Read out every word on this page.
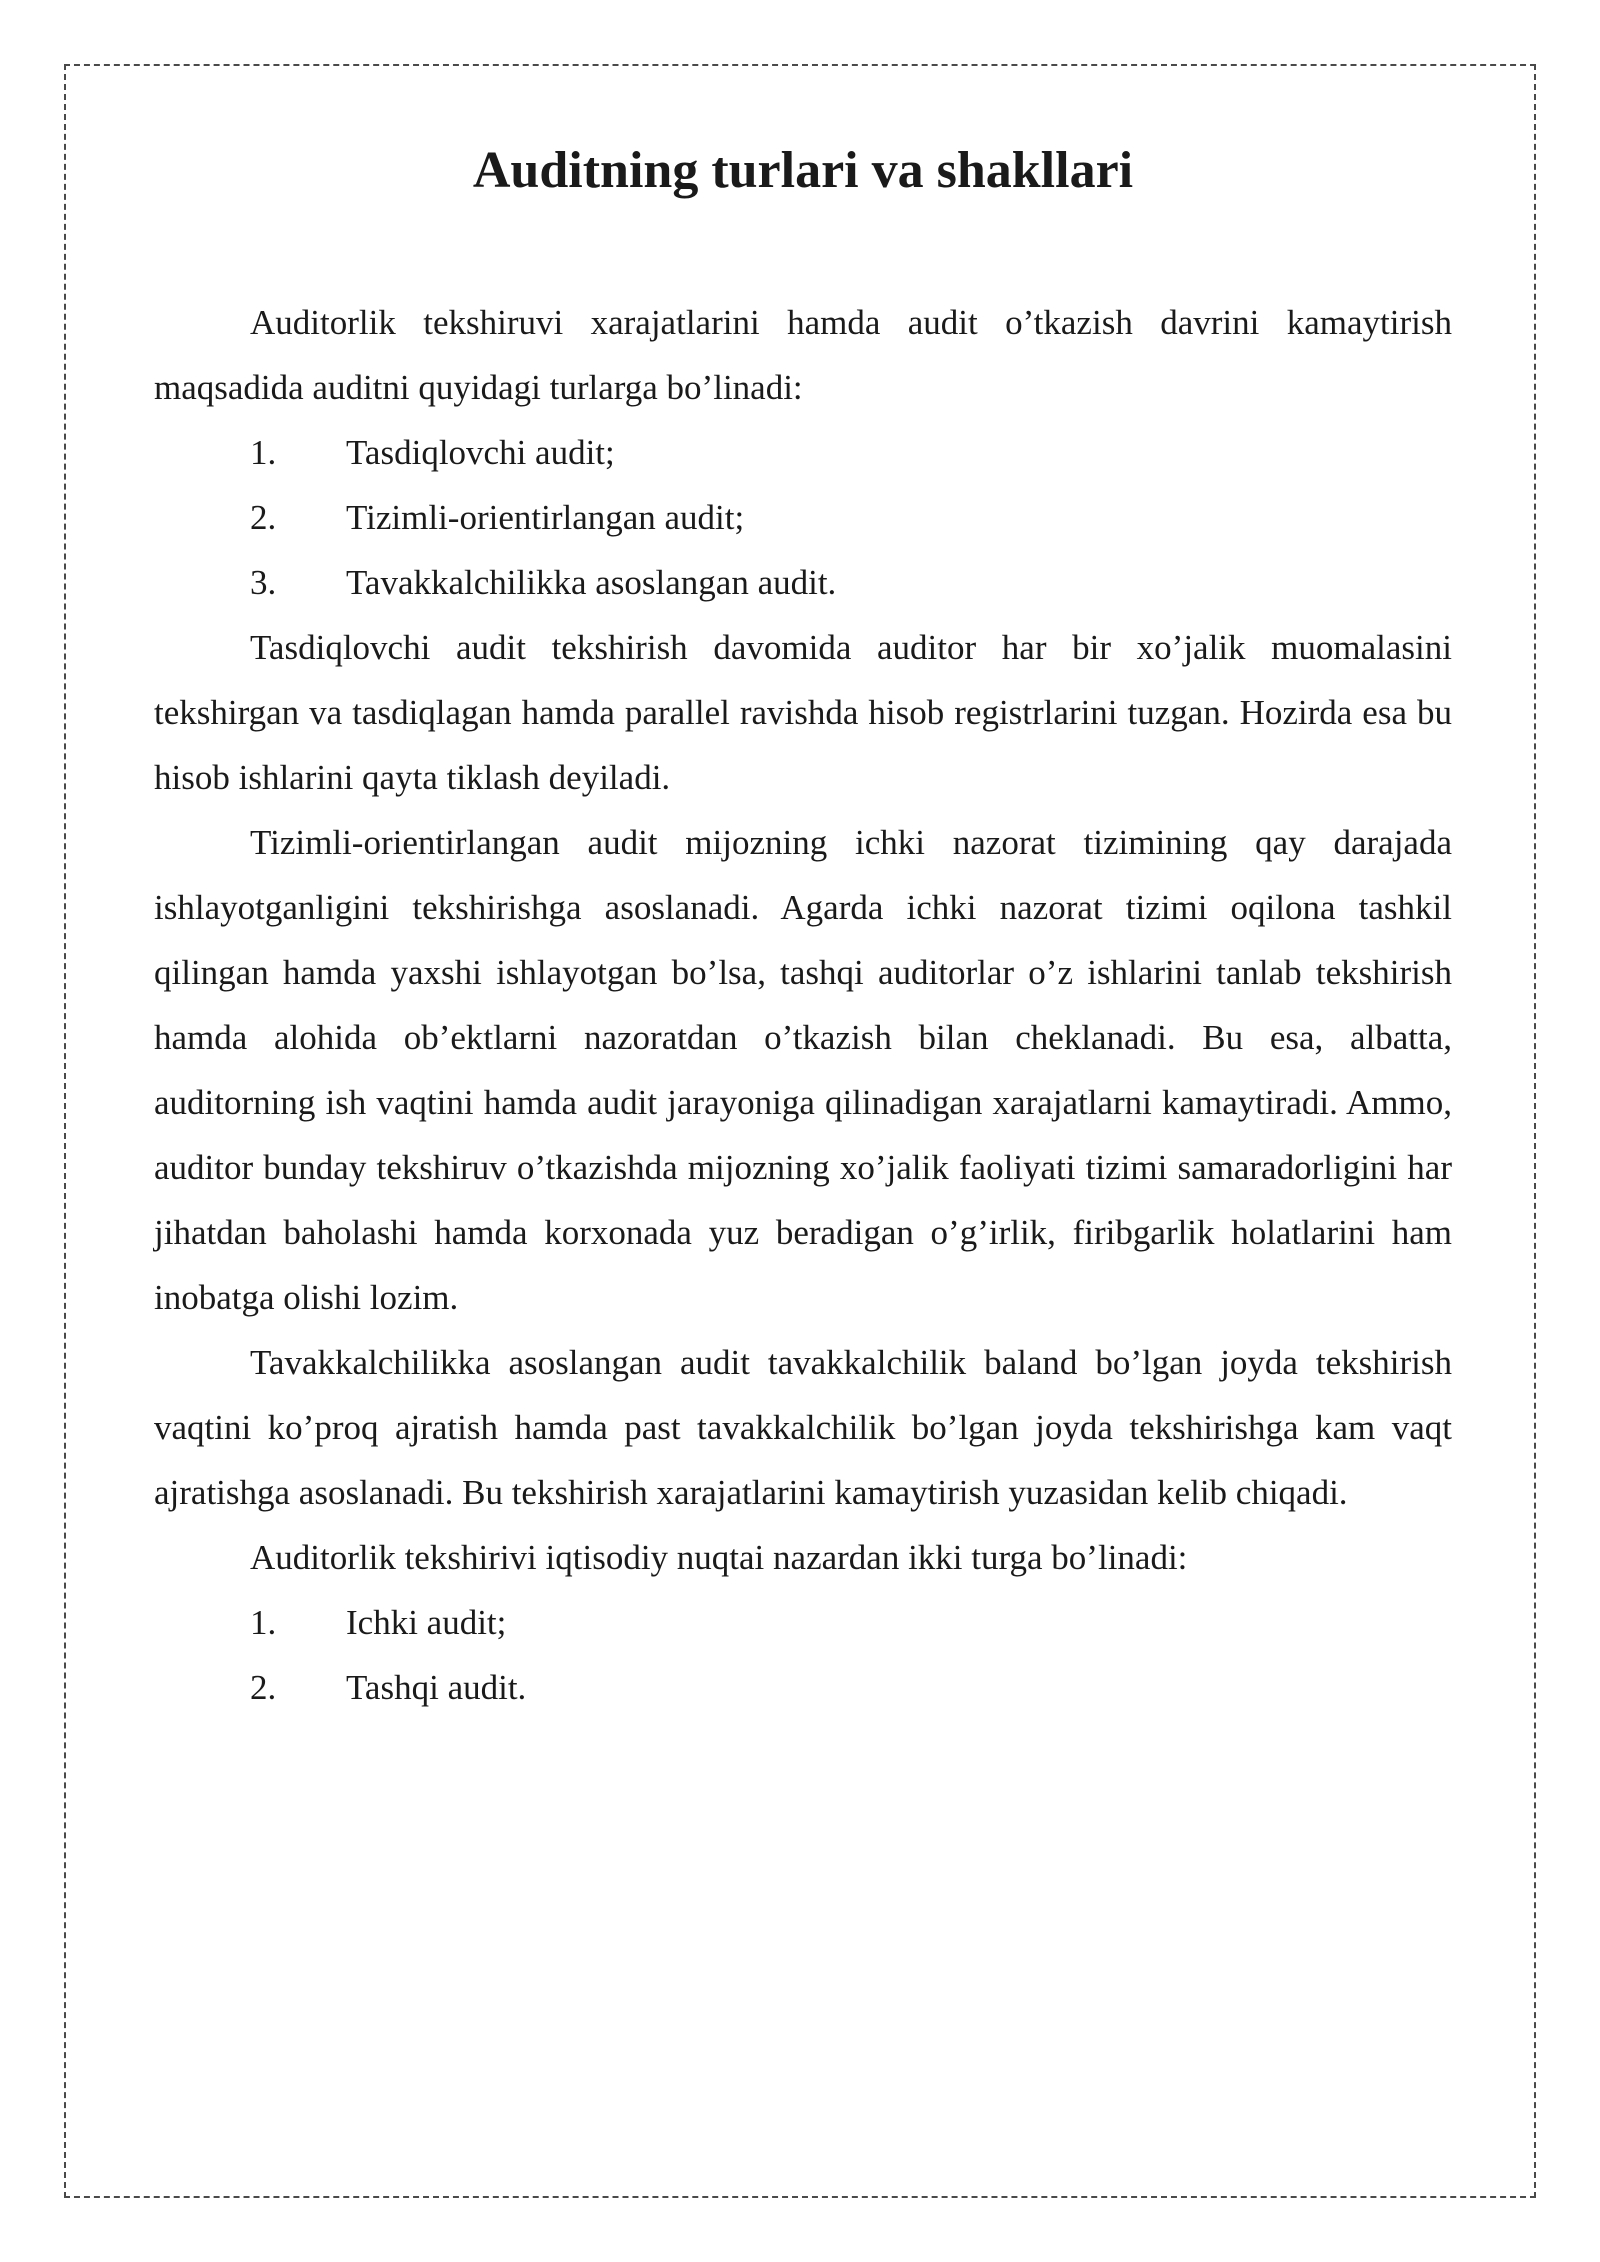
Auditning turlari va shakllari

Auditorlik tekshiruvi xarajatlarini hamda audit o’tkazish davrini kamaytirish maqsadida auditni quyidagi turlarga bo’linadi:

1. Tasdiqlovchi audit;
2. Tizimli-orientirlangan audit;
3. Tavakkalchilikka asoslangan audit.

Tasdiqlovchi audit tekshirish davomida auditor har bir xo’jalik muomalasini tekshirgan va tasdiqlagan hamda parallel ravishda hisob registrlarini tuzgan. Hozirda esa bu hisob ishlarini qayta tiklash deyiladi.

Tizimli-orientirlangan audit mijozning ichki nazorat tizimining qay darajada ishlayotganligini tekshirishga asoslanadi. Agarda ichki nazorat tizimi oqilona tashkil qilingan hamda yaxshi ishlayotgan bo’lsa, tashqi auditorlar o’z ishlarini tanlab tekshirish hamda alohida ob’ektlarni nazoratdan o’tkazish bilan cheklanadi. Bu esa, albatta, auditorning ish vaqtini hamda audit jarayoniga qilinadigan xarajatlarni kamaytiradi. Ammo, auditor bunday tekshiruv o’tkazishda mijozning xo’jalik faoliyati tizimi samaradorligini har jihatdan baholashi hamda korxonada yuz beradigan o’g’irlik, firibgarlik holatlarini ham inobatga olishi lozim.

Tavakkalchilikka asoslangan audit tavakkalchilik baland bo’lgan joyda tekshirish vaqtini ko’proq ajratish hamda past tavakkalchilik bo’lgan joyda tekshirishga kam vaqt ajratishga asoslanadi. Bu tekshirish xarajatlarini kamaytirish yuzasidan kelib chiqadi.

Auditorlik tekshirivi iqtisodiy nuqtai nazardan ikki turga bo’linadi:

1. Ichki audit;
2. Tashqi audit.
